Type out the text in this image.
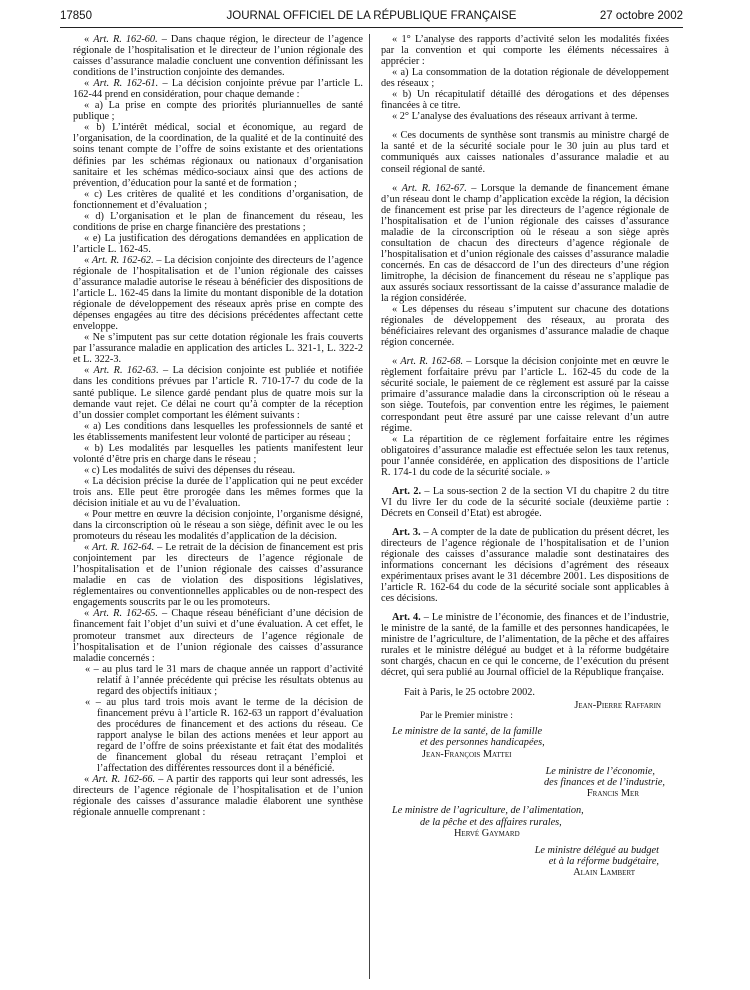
17850	JOURNAL OFFICIEL DE LA RÉPUBLIQUE FRANÇAISE	27 octobre 2002

« Art. R. 162-60. – Dans chaque région, le directeur de l’agence régionale de l’hospitalisation et le directeur de l’union régionale des caisses d’assurance maladie concluent une convention définissant les conditions de l’instruction conjointe des demandes.

« Art. R. 162-61. – La décision conjointe prévue par l’article L. 162-44 prend en considération, pour chaque demande :

« a) La prise en compte des priorités pluriannuelles de santé publique ;

« b) L’intérêt médical, social et économique, au regard de l’organisation, de la coordination, de la qualité et de la continuité des soins tenant compte de l’offre de soins existante et des orientations définies par les schémas régionaux ou nationaux d’organisation sanitaire et les schémas médico-sociaux ainsi que des actions de prévention, d’éducation pour la santé et de formation ;

« c) Les critères de qualité et les conditions d’organisation, de fonctionnement et d’évaluation ;

« d) L’organisation et le plan de financement du réseau, les conditions de prise en charge financière des prestations ;

« e) La justification des dérogations demandées en application de l’article L. 162-45.

« Art. R. 162-62. – La décision conjointe des directeurs de l’agence régionale de l’hospitalisation et de l’union régionale des caisses d’assurance maladie autorise le réseau à bénéficier des dispositions de l’article L. 162-45 dans la limite du montant disponible de la dotation régionale de développement des réseaux après prise en compte des dépenses engagées au titre des décisions précédentes affectant cette enveloppe.

« Ne s’imputent pas sur cette dotation régionale les frais couverts par l’assurance maladie en application des articles L. 321-1, L. 322-2 et L. 322-3.

« Art. R. 162-63. – La décision conjointe est publiée et notifiée dans les conditions prévues par l’article R. 710-17-7 du code de la santé publique. Le silence gardé pendant plus de quatre mois sur la demande vaut rejet. Ce délai ne court qu’à compter de la réception d’un dossier complet comportant les élément suivants :

« a) Les conditions dans lesquelles les professionnels de santé et les établissements manifestent leur volonté de participer au réseau ;

« b) Les modalités par lesquelles les patients manifestent leur volonté d’être pris en charge dans le réseau ;

« c) Les modalités de suivi des dépenses du réseau.

« La décision précise la durée de l’application qui ne peut excéder trois ans. Elle peut être prorogée dans les mêmes formes que la décision initiale et au vu de l’évaluation.

« Pour mettre en œuvre la décision conjointe, l’organisme désigné, dans la circonscription où le réseau a son siège, définit avec le ou les promoteurs du réseau les modalités d’application de la décision.

« Art. R. 162-64. – Le retrait de la décision de financement est pris conjointement par les directeurs de l’agence régionale de l’hospitalisation et de l’union régionale des caisses d’assurance maladie en cas de violation des dispositions législatives, réglementaires ou conventionnelles applicables ou de non-respect des engagements souscrits par le ou les promoteurs.

« Art. R. 162-65. – Chaque réseau bénéficiant d’une décision de financement fait l’objet d’un suivi et d’une évaluation. A cet effet, le promoteur transmet aux directeurs de l’agence régionale de l’hospitalisation et de l’union régionale des caisses d’assurance maladie concernés :

« – au plus tard le 31 mars de chaque année un rapport d’activité relatif à l’année précédente qui précise les résultats obtenus au regard des objectifs initiaux ;

« – au plus tard trois mois avant le terme de la décision de financement prévu à l’article R. 162-63 un rapport d’évaluation des procédures de financement et des actions du réseau. Ce rapport analyse le bilan des actions menées et leur apport au regard de l’offre de soins préexistante et fait état des modalités de financement global du réseau retraçant l’emploi et l’affectation des différentes ressources dont il a bénéficié.

« Art. R. 162-66. – A partir des rapports qui leur sont adressés, les directeurs de l’agence régionale de l’hospitalisation et de l’union régionale des caisses d’assurance maladie élaborent une synthèse régionale annuelle comprenant :

« 1° L’analyse des rapports d’activité selon les modalités fixées par la convention et qui comporte les éléments nécessaires à apprécier :

« a) La consommation de la dotation régionale de développement des réseaux ;

« b) Un récapitulatif détaillé des dérogations et des dépenses financées à ce titre.

« 2° L’analyse des évaluations des réseaux arrivant à terme.

« Ces documents de synthèse sont transmis au ministre chargé de la santé et de la sécurité sociale pour le 30 juin au plus tard et communiqués aux caisses nationales d’assurance maladie et au conseil régional de santé.

« Art. R. 162-67. – Lorsque la demande de financement émane d’un réseau dont le champ d’application excède la région, la décision de financement est prise par les directeurs de l’agence régionale de l’hospitalisation et de l’union régionale des caisses d’assurance maladie de la circonscription où le réseau a son siège après consultation de chacun des directeurs d’agence régionale de l’hospitalisation et d’union régionale des caisses d’assurance maladie concernés. En cas de désaccord de l’un des directeurs d’une région limitrophe, la décision de financement du réseau ne s’applique pas aux assurés sociaux ressortissant de la caisse d’assurance maladie de la région considérée.

« Les dépenses du réseau s’imputent sur chacune des dotations régionales de développement des réseaux, au prorata des bénéficiaires relevant des organismes d’assurance maladie de chaque région concernée.

« Art. R. 162-68. – Lorsque la décision conjointe met en œuvre le règlement forfaitaire prévu par l’article L. 162-45 du code de la sécurité sociale, le paiement de ce règlement est assuré par la caisse primaire d’assurance maladie dans la circonscription où le réseau a son siège. Toutefois, par convention entre les régimes, le paiement correspondant peut être assuré par une caisse relevant d’un autre régime.

« La répartition de ce règlement forfaitaire entre les régimes obligatoires d’assurance maladie est effectuée selon les taux retenus, pour l’année considérée, en application des dispositions de l’article R. 174-1 du code de la sécurité sociale. »

Art. 2. – La sous-section 2 de la section VI du chapitre 2 du titre VI du livre Ier du code de la sécurité sociale (deuxième partie : Décrets en Conseil d’Etat) est abrogée.

Art. 3. – A compter de la date de publication du présent décret, les directeurs de l’agence régionale de l’hospitalisation et de l’union régionale des caisses d’assurance maladie sont destinataires des informations concernant les décisions d’agrément des réseaux expérimentaux prises avant le 31 décembre 2001. Les dispositions de l’article R. 162-64 du code de la sécurité sociale sont applicables à ces décisions.

Art. 4. – Le ministre de l’économie, des finances et de l’industrie, le ministre de la santé, de la famille et des personnes handicapées, le ministre de l’agriculture, de l’alimentation, de la pêche et des affaires rurales et le ministre délégué au budget et à la réforme budgétaire sont chargés, chacun en ce qui le concerne, de l’exécution du présent décret, qui sera publié au Journal officiel de la République française.

Fait à Paris, le 25 octobre 2002.

Jean-Pierre Raffarin

Par le Premier ministre :

Le ministre de la santé, de la famille

et des personnes handicapées,

Jean-François Mattei

Le ministre de l’économie,

des finances et de l’industrie,

Francis Mer

Le ministre de l’agriculture, de l’alimentation,

de la pêche et des affaires rurales,

Hervé Gaymard

Le ministre délégué au budget

et à la réforme budgétaire,

Alain Lambert
